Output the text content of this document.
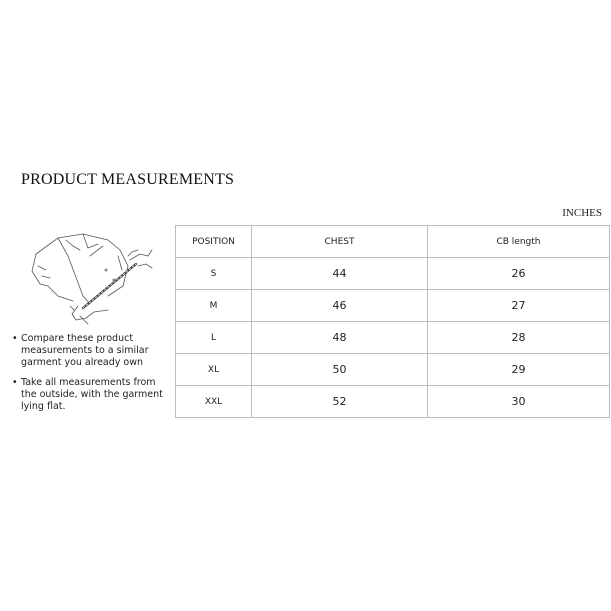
PRODUCT MEASUREMENTS
INCHES
• Compare these product measurements to a similar garment you already own
• Take all measurements from the outside, with the garment lying flat.
POSITION	CHEST	CB length
S	44	26
M	46	27
L	48	28
XL	50	29
XXL	52	30
